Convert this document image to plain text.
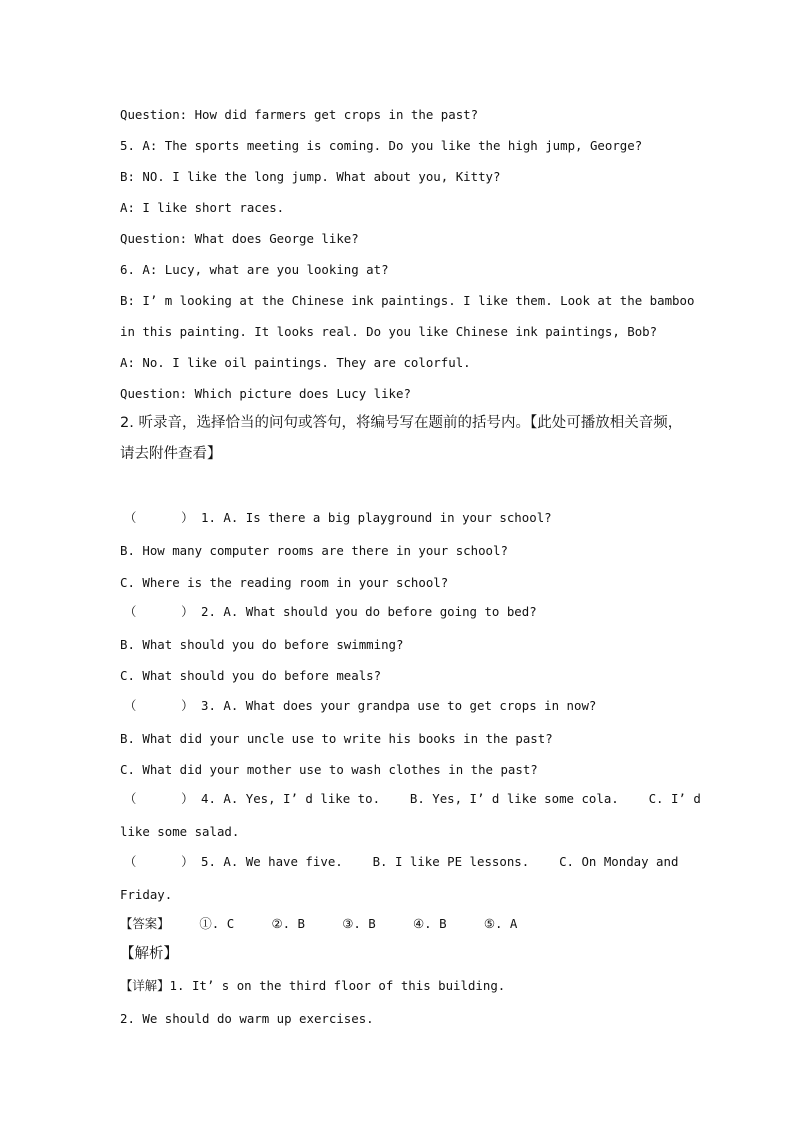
Question: How did farmers get crops in the past?
5. A: The sports meeting is coming. Do you like the high jump, George?
B: NO. I like the long jump. What about you, Kitty?
A: I like short races.
Question: What does George like?
6. A: Lucy, what are you looking at?
B: I’ m looking at the Chinese ink paintings. I like them. Look at the bamboo
in this painting. It looks real. Do you like Chinese ink paintings, Bob?
A: No. I like oil paintings. They are colorful.
Question: Which picture does Lucy like?
2. 听录音，选择恰当的问句或答句，将编号写在题前的括号内。【此处可播放相关音频，
请去附件查看】
（      ） 1. A. Is there a big playground in your school?
B. How many computer rooms are there in your school?
C. Where is the reading room in your school?
（      ） 2. A. What should you do before going to bed?
B. What should you do before swimming?
C. What should you do before meals?
（      ） 3. A. What does your grandpa use to get crops in now?
B. What did your uncle use to write his books in the past?
C. What did your mother use to wash clothes in the past?
（      ） 4. A. Yes, I’ d like to.    B. Yes, I’ d like some cola.    C. I’ d
like some salad.
（      ） 5. A. We have five.    B. I like PE lessons.    C. On Monday and
Friday.
【答案】    ①. C     ②. B     ③. B     ④. B     ⑤. A
【解析】
【详解】1. It’ s on the third floor of this building.
2. We should do warm up exercises.
